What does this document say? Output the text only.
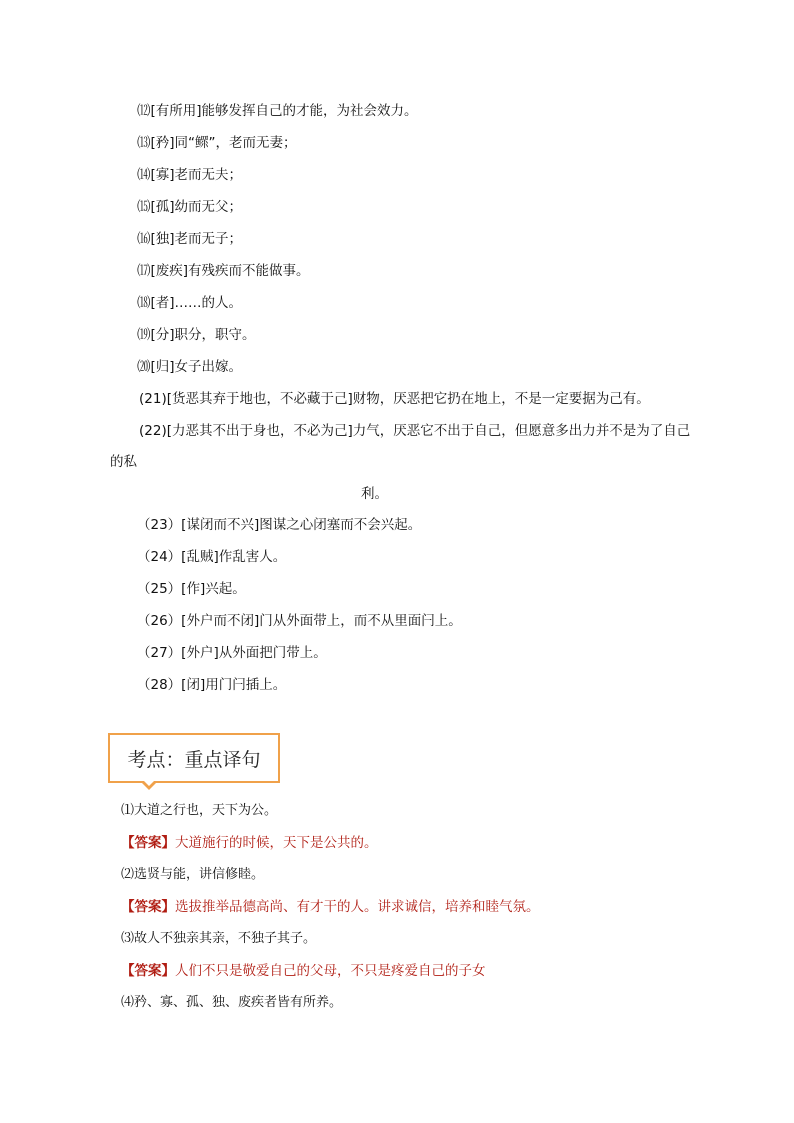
⑿[有所用]能够发挥自己的才能，为社会效力。
⒀[矜]同“鳏”，老而无妻；
⒁[寡]老而无夫；
⒂[孤]幼而无父；
⒃[独]老而无子；
⒄[废疾]有残疾而不能做事。
⒅[者]……的人。
⒆[分]职分，职守。
⒇[归]女子出嫁。
(21)[货恶其弃于地也，不必藏于己]财物，厌恶把它扔在地上，不是一定要据为己有。
(22)[力恶其不出于身也，不必为己]力气，厌恶它不出于自己，但愿意多出力并不是为了自己
的私
利。
（23）[谋闭而不兴]图谋之心闭塞而不会兴起。
（24）[乱贼]作乱害人。
（25）[作]兴起。
（26）[外户而不闭]门从外面带上，而不从里面闩上。
（27）[外户]从外面把门带上。
（28）[闭]用门闩插上。
考点：重点译句
⑴大道之行也，天下为公。
【答案】大道施行的时候，天下是公共的。
⑵选贤与能，讲信修睦。
【答案】选拔推举品德高尚、有才干的人。讲求诚信，培养和睦气氛。
⑶故人不独亲其亲，不独子其子。
【答案】人们不只是敬爱自己的父母，不只是疼爱自己的子女
⑷矜、寡、孤、独、废疾者皆有所养。
